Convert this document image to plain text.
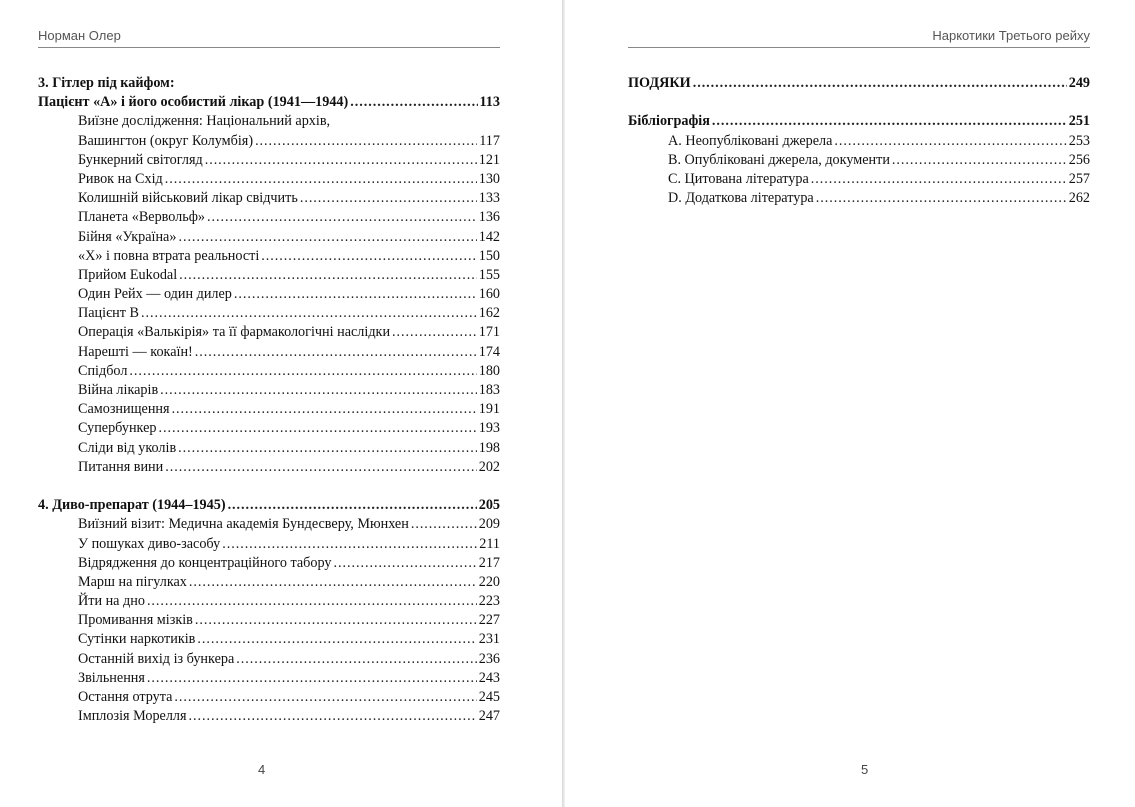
Норман Олер
3. Гітлер під кайфом:
Пацієнт «А» і його особистий лікар (1941—1944) . . .	113
Виїзне дослідження: Національний архів,
Вашингтон (округ Колумбія) . . .	117
Бункерний світогляд . . .	121
Ривок на Схід . . .	130
Колишній військовий лікар свідчить . . .	133
Планета «Вервольф» . . .	136
Бійня «Україна» . . .	142
«Х» і повна втрата реальності . . .	150
Прийом Eukodal . . .	155
Один Рейх — один дилер . . .	160
Пацієнт В . . .	162
Операція «Валькірія» та її фармакологічні наслідки . . .	171
Нарешті — кокаїн! . . .	174
Спідбол . . .	180
Війна лікарів . . .	183
Самознищення . . .	191
Супербункер . . .	193
Сліди від уколів . . .	198
Питання вини . . .	202
4. Диво-препарат (1944–1945) . . .	205
Виїзний візит: Медична академія Бундесверу, Мюнхен . . .	209
У пошуках диво-засобу . . .	211
Відрядження до концентраційного табору . . .	217
Марш на пігулках . . .	220
Йти на дно . . .	223
Промивання мізків . . .	227
Сутінки наркотиків . . .	231
Останній вихід із бункера . . .	236
Звільнення . . .	243
Остання отрута . . .	245
Імплозія Морелля . . .	247
4
Наркотики Третього рейху
ПОДЯКИ . . .	249
Бібліографія . . .	251
A. Неопубліковані джерела . . .	253
B. Опубліковані джерела, документи . . .	256
C. Цитована література . . .	257
D. Додаткова література . . .	262
5
